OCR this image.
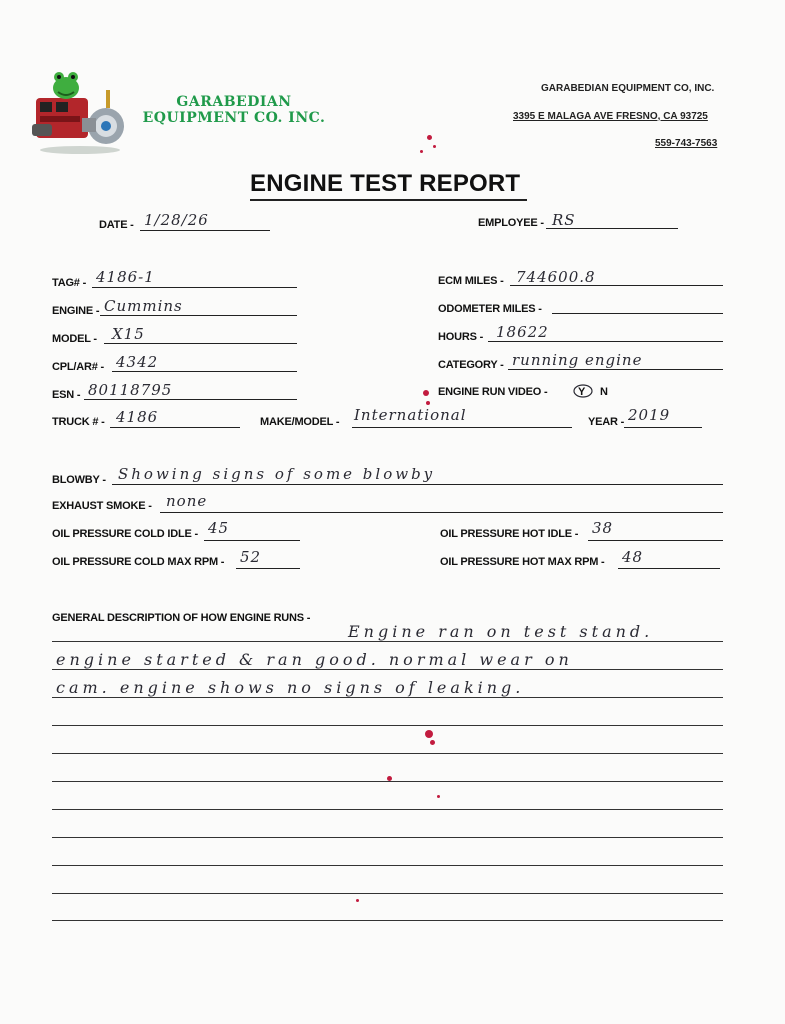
GARABEDIAN
EQUIPMENT CO. INC.
GARABEDIAN EQUIPMENT CO, INC.
3395 E MALAGA AVE FRESNO, CA 93725
559-743-7563
ENGINE TEST REPORT
DATE - 1/28/26	EMPLOYEE - RS
TAG# - 4186-1	ECM MILES - 744600.8
ENGINE - Cummins	ODOMETER MILES -
MODEL - X15	HOURS - 18622
CPL/AR# - 4342	CATEGORY - running engine
ESN - 80118795	ENGINE RUN VIDEO -	Y N
TRUCK # - 4186	MAKE/MODEL - International	YEAR - 2019
BLOWBY - Showing signs of some blowby
EXHAUST SMOKE - none
OIL PRESSURE COLD IDLE - 45	OIL PRESSURE HOT IDLE - 38
OIL PRESSURE COLD MAX RPM - 52	OIL PRESSURE HOT MAX RPM - 48
GENERAL DESCRIPTION OF HOW ENGINE RUNS -
Engine ran on test stand.
engine started & ran good. normal wear on
cam. engine shows no signs of leaking.
